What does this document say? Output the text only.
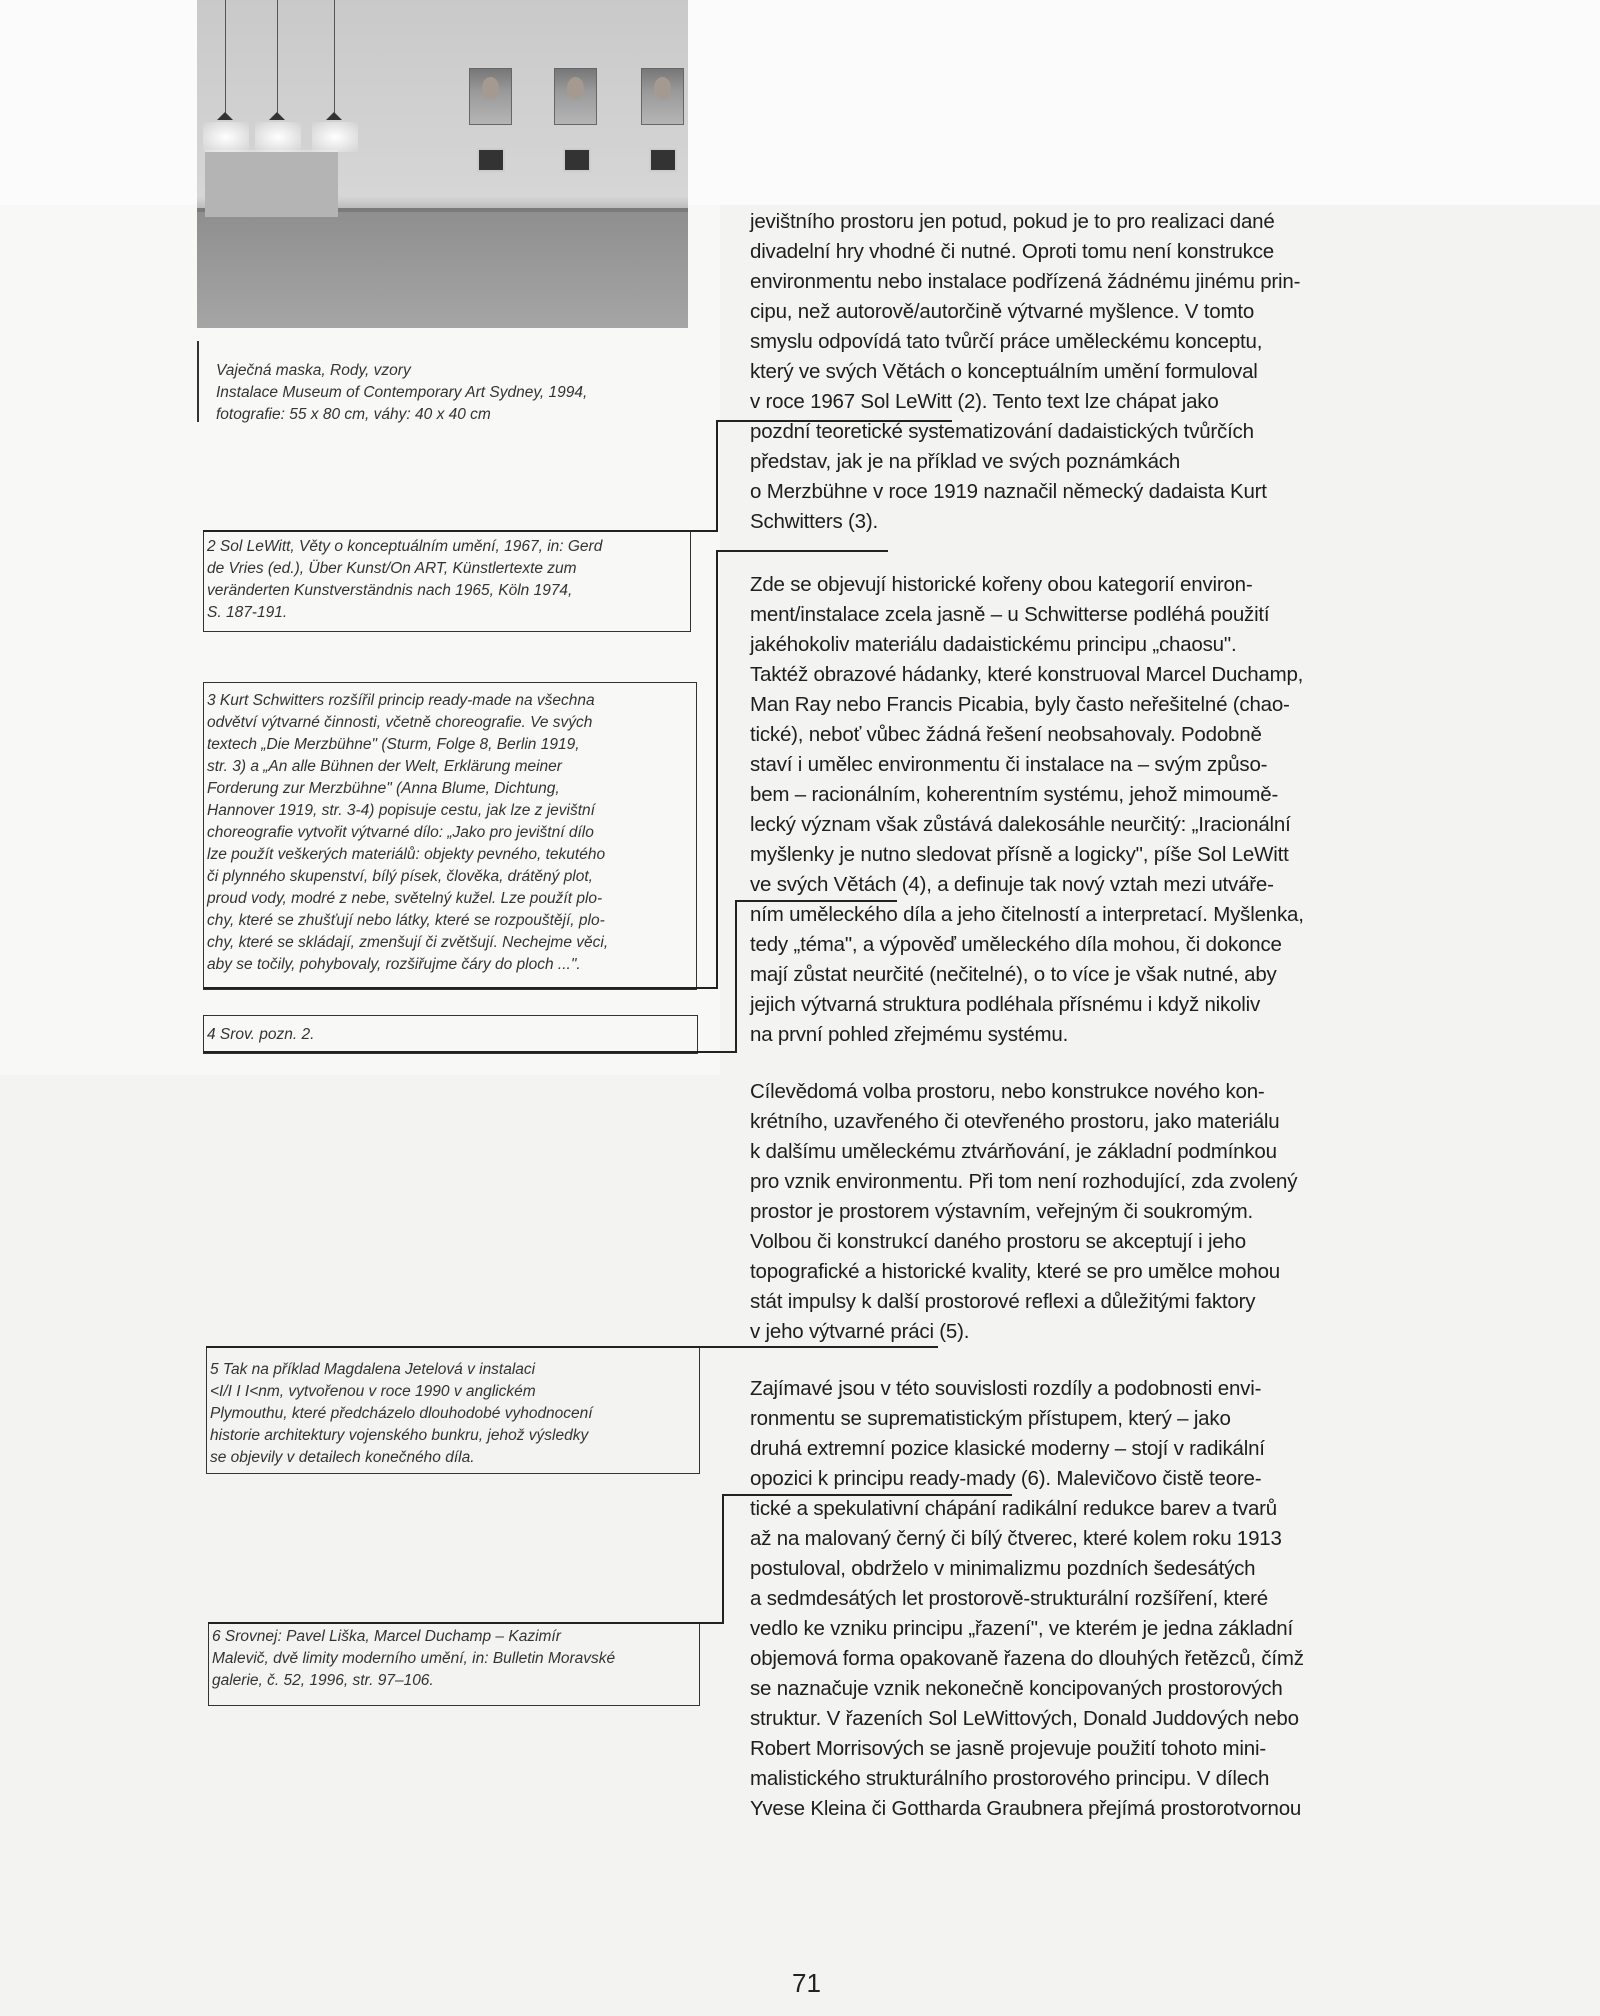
Vaječná maska, Rody, vzory
Instalace Museum of Contemporary Art Sydney, 1994,
fotografie: 55 x 80 cm, váhy: 40 x 40 cm
2 Sol LeWitt, Věty o konceptuálním umění, 1967, in: Gerd
de Vries (ed.), Über Kunst/On ART, Künstlertexte zum
veränderten Kunstverständnis nach 1965, Köln 1974,
S. 187-191.
3 Kurt Schwitters rozšířil princip ready-made na všechna
odvětví výtvarné činnosti, včetně choreografie. Ve svých
textech „Die Merzbühne" (Sturm, Folge 8, Berlin 1919,
str. 3) a „An alle Bühnen der Welt, Erklärung meiner
Forderung zur Merzbühne" (Anna Blume, Dichtung,
Hannover 1919, str. 3-4) popisuje cestu, jak lze z jevištní
choreografie vytvořit výtvarné dílo: „Jako pro jevištní dílo
lze použít veškerých materiálů: objekty pevného, tekutého
či plynného skupenství, bílý písek, člověka, drátěný plot,
proud vody, modré z nebe, světelný kužel. Lze použít plo-
chy, které se zhušťují nebo látky, které se rozpouštějí, plo-
chy, které se skládají, zmenšují či zvětšují. Nechejme věci,
aby se točily, pohybovaly, rozšiřujme čáry do ploch ...".
4 Srov. pozn. 2.
5 Tak na příklad Magdalena Jetelová v instalaci
<I/I I I<nm, vytvořenou v roce 1990 v anglickém
Plymouthu, které předcházelo dlouhodobé vyhodnocení
historie architektury vojenského bunkru, jehož výsledky
se objevily v detailech konečného díla.
6 Srovnej: Pavel Liška, Marcel Duchamp – Kazimír
Malevič, dvě limity moderního umění, in: Bulletin Moravské
galerie, č. 52, 1996, str. 97–106.
jevištního prostoru jen potud, pokud je to pro realizaci dané
divadelní hry vhodné či nutné. Oproti tomu není konstrukce
environmentu nebo instalace podřízená žádnému jinému prin-
cipu, než autorově/autorčině výtvarné myšlence. V tomto
smyslu odpovídá tato tvůrčí práce uměleckému konceptu,
který ve svých Větách o konceptuálním umění formuloval
v roce 1967 Sol LeWitt (2). Tento text lze chápat jako
pozdní teoretické systematizování dadaistických tvůrčích
představ, jak je na příklad ve svých poznámkách
o Merzbühne v roce 1919 naznačil německý dadaista Kurt
Schwitters (3).
Zde se objevují historické kořeny obou kategorií environ-
ment/instalace zcela jasně – u Schwitterse podléhá použití
jakéhokoliv materiálu dadaistickému principu „chaosu".
Taktéž obrazové hádanky, které konstruoval Marcel Duchamp,
Man Ray nebo Francis Picabia, byly často neřešitelné (chao-
tické), neboť vůbec žádná řešení neobsahovaly. Podobně
staví i umělec environmentu či instalace na – svým způso-
bem – racionálním, koherentním systému, jehož mimoumě-
lecký význam však zůstává dalekosáhle neurčitý: „Iracionální
myšlenky je nutno sledovat přísně a logicky", píše Sol LeWitt
ve svých Větách (4), a definuje tak nový vztah mezi utváře-
ním uměleckého díla a jeho čitelností a interpretací. Myšlenka,
tedy „téma", a výpověď uměleckého díla mohou, či dokonce
mají zůstat neurčité (nečitelné), o to více je však nutné, aby
jejich výtvarná struktura podléhala přísnému i když nikoliv
na první pohled zřejmému systému.
Cílevědomá volba prostoru, nebo konstrukce nového kon-
krétního, uzavřeného či otevřeného prostoru, jako materiálu
k dalšímu uměleckému ztvárňování, je základní podmínkou
pro vznik environmentu. Při tom není rozhodující, zda zvolený
prostor je prostorem výstavním, veřejným či soukromým.
Volbou či konstrukcí daného prostoru se akceptují i jeho
topografické a historické kvality, které se pro umělce mohou
stát impulsy k další prostorové reflexi a důležitými faktory
v jeho výtvarné práci (5).
Zajímavé jsou v této souvislosti rozdíly a podobnosti envi-
ronmentu se suprematistickým přístupem, který – jako
druhá extremní pozice klasické moderny – stojí v radikální
opozici k principu ready-mady (6). Malevičovo čistě teore-
tické a spekulativní chápání radikální redukce barev a tvarů
až na malovaný černý či bílý čtverec, které kolem roku 1913
postuloval, obdrželo v minimalizmu pozdních šedesátých
a sedmdesátých let prostorově-strukturální rozšíření, které
vedlo ke vzniku principu „řazení", ve kterém je jedna základní
objemová forma opakovaně řazena do dlouhých řetězců, čímž
se naznačuje vznik nekonečně koncipovaných prostorových
struktur. V řazeních Sol LeWittových, Donald Juddových nebo
Robert Morrisových se jasně projevuje použití tohoto mini-
malistického strukturálního prostorového principu. V dílech
Yvese Kleina či Gottharda Graubnera přejímá prostorotvornou
71
